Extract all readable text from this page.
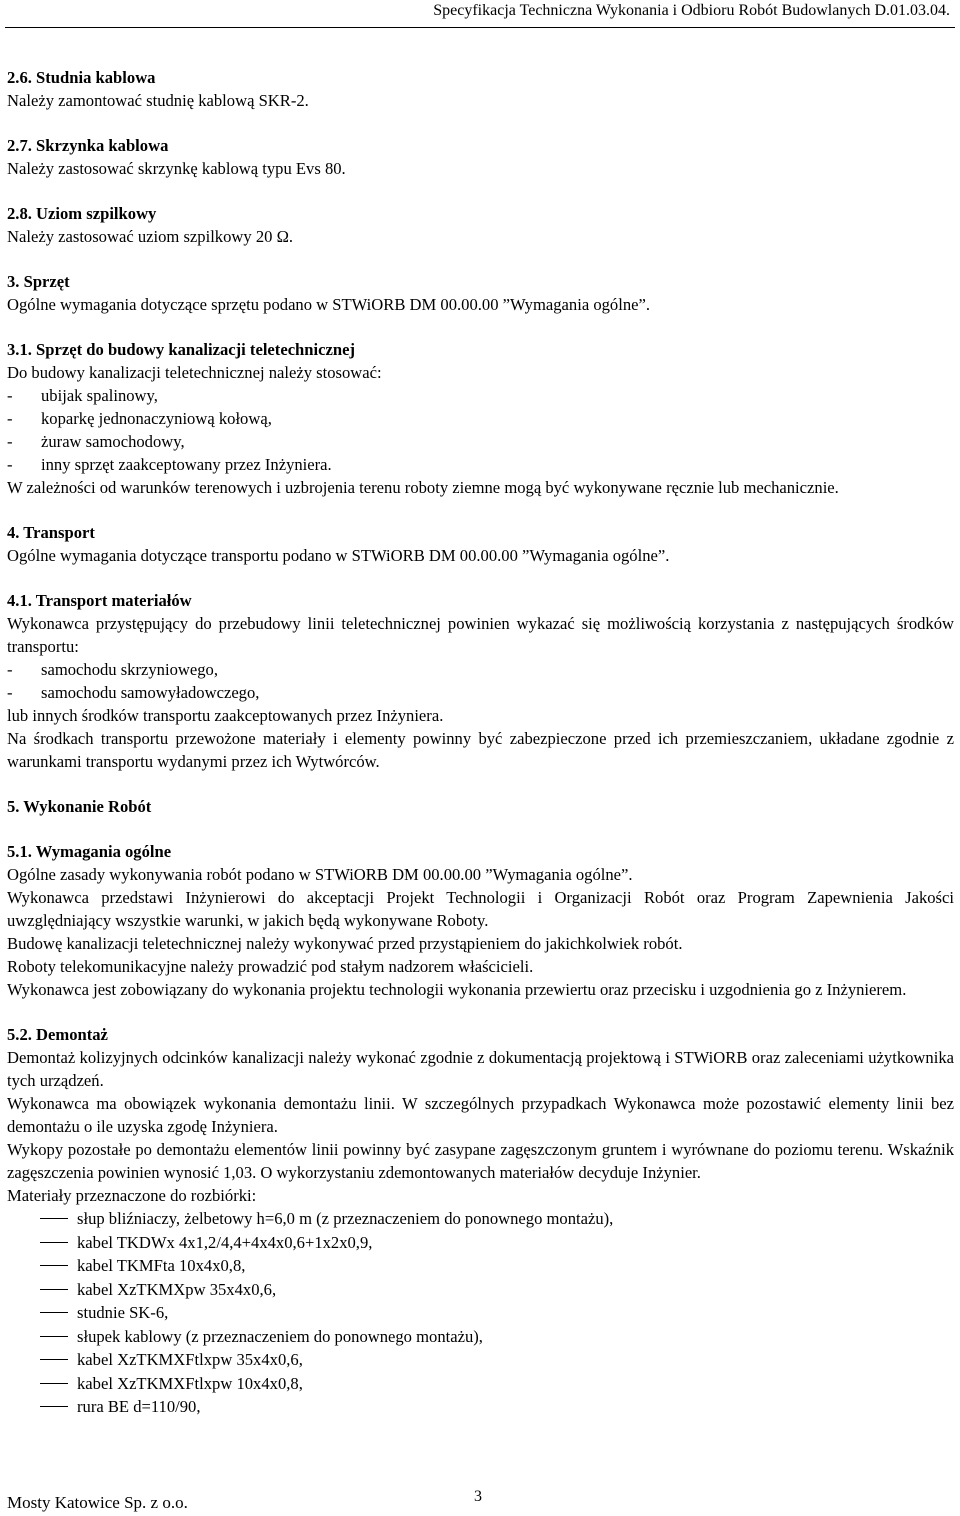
Specyfikacja Techniczna Wykonania i Odbioru Robót Budowlanych D.01.03.04.

2.6. Studnia kablowa

Należy zamontować studnię kablową SKR-2.

2.7. Skrzynka kablowa

Należy zastosować skrzynkę kablową typu Evs 80.

2.8. Uziom szpilkowy

Należy zastosować uziom szpilkowy 20 Ω.

3. Sprzęt

Ogólne wymagania dotyczące sprzętu podano w STWiORB DM 00.00.00 ”Wymagania ogólne”.

3.1. Sprzęt do budowy kanalizacji teletechnicznej

Do budowy kanalizacji teletechnicznej należy stosować:

- ubijak spalinowy,

- koparkę jednonaczyniową kołową,

- żuraw samochodowy,

- inny sprzęt zaakceptowany przez Inżyniera.

W zależności od warunków terenowych i uzbrojenia terenu roboty ziemne mogą być wykonywane ręcznie lub mechanicznie.

4. Transport

Ogólne wymagania dotyczące transportu podano w STWiORB DM 00.00.00 ”Wymagania ogólne”.

4.1. Transport materiałów

Wykonawca przystępujący do przebudowy linii teletechnicznej powinien wykazać się możliwością korzystania z następujących środków transportu:

- samochodu skrzyniowego,

- samochodu samowyładowczego,

lub innych środków transportu zaakceptowanych przez Inżyniera.

Na środkach transportu przewożone materiały i elementy powinny być zabezpieczone przed ich przemieszczaniem, układane zgodnie z warunkami transportu wydanymi przez ich Wytwórców.

5. Wykonanie Robót

5.1. Wymagania ogólne

Ogólne zasady wykonywania robót podano w STWiORB DM 00.00.00 ”Wymagania ogólne”.

Wykonawca przedstawi Inżynierowi do akceptacji Projekt Technologii i Organizacji Robót oraz Program Zapewnienia Jakości uwzględniający wszystkie warunki, w jakich będą wykonywane Roboty.

Budowę kanalizacji teletechnicznej należy wykonywać przed przystąpieniem do jakichkolwiek robót.

Roboty telekomunikacyjne należy prowadzić pod stałym nadzorem właścicieli.

Wykonawca jest zobowiązany do wykonania projektu technologii wykonania przewiertu oraz przecisku i uzgodnienia go z Inżynierem.

5.2. Demontaż

Demontaż kolizyjnych odcinków kanalizacji należy wykonać zgodnie z dokumentacją projektową i STWiORB oraz zaleceniami użytkownika tych urządzeń.

Wykonawca ma obowiązek wykonania demontażu linii. W szczególnych przypadkach Wykonawca może pozostawić elementy linii bez demontażu o ile uzyska zgodę Inżyniera.

Wykopy pozostałe po demontażu elementów linii powinny być zasypane zagęszczonym gruntem i wyrównane do poziomu terenu. Wskaźnik zagęszczenia powinien wynosić 1,03. O wykorzystaniu zdemontowanych materiałów decyduje Inżynier.

Materiały przeznaczone do rozbiórki:

słup bliźniaczy, żelbetowy h=6,0 m (z przeznaczeniem do ponownego montażu),
kabel TKDWx 4x1,2/4,4+4x4x0,6+1x2x0,9,
kabel TKMFta 10x4x0,8,
kabel XzTKMXpw 35x4x0,6,
studnie SK-6,
słupek kablowy (z przeznaczeniem do ponownego montażu),
kabel XzTKMXFtlxpw 35x4x0,6,
kabel XzTKMXFtlxpw 10x4x0,8,
rura BE d=110/90,
Mosty Katowice Sp. z o.o.	3
